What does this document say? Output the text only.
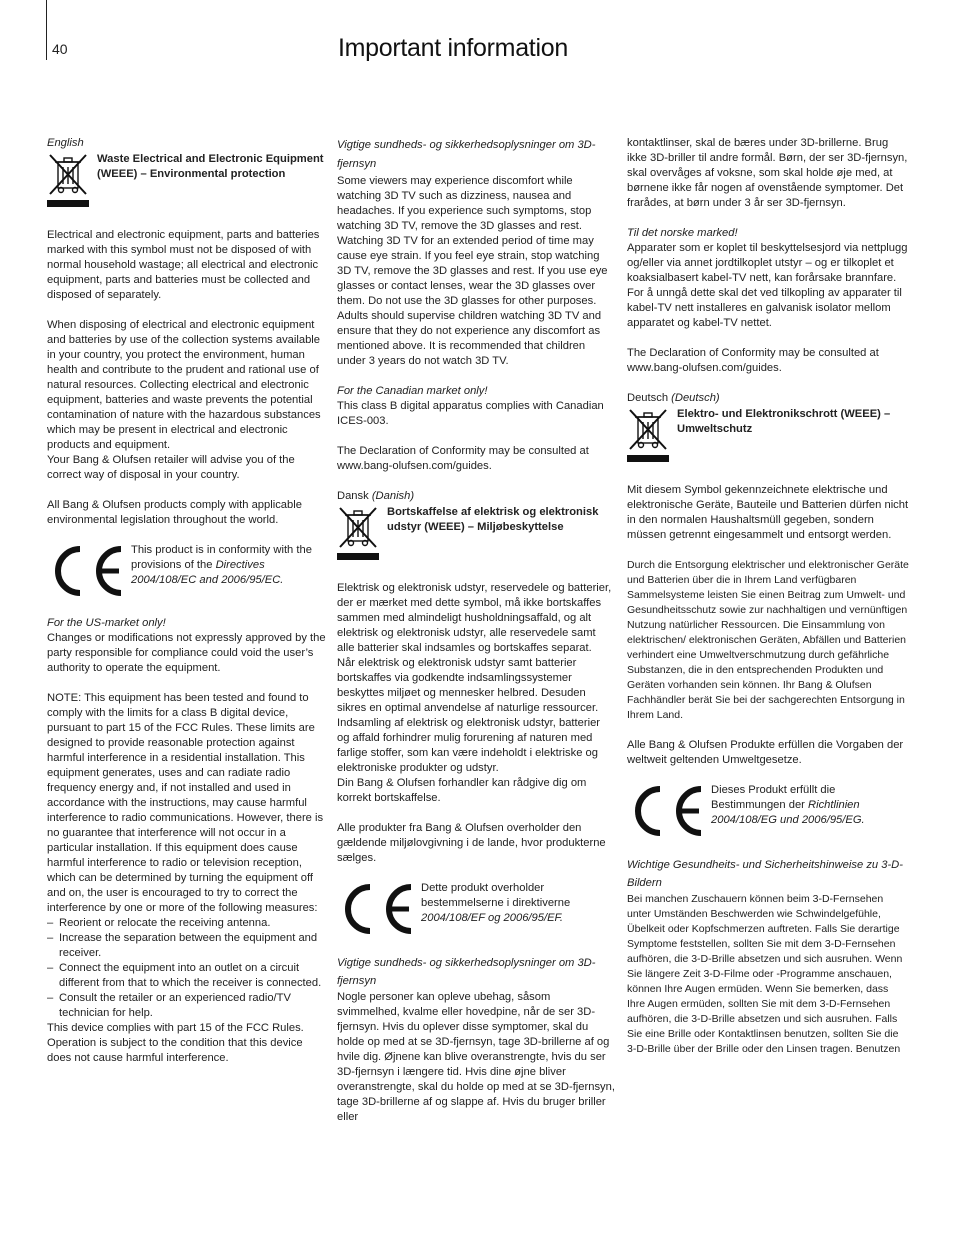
40	Important information

English

Waste Electrical and Electronic Equipment (WEEE) – Environmental protection

Electrical and electronic equipment, parts and batteries marked with this symbol must not be disposed of with normal household wastage; all electrical and electronic equipment, parts and batteries must be collected and disposed of separately.

When disposing of electrical and electronic equipment and batteries by use of the collection systems available in your country, you protect the environment, human health and contribute to the prudent and rational use of natural resources. Collecting electrical and electronic equipment, batteries and waste prevents the potential contamination of nature with the hazardous substances which may be present in electrical and electronic products and equipment.

Your Bang & Olufsen retailer will advise you of the correct way of disposal in your country.

All Bang & Olufsen products comply with applicable environmental legislation throughout the world.

This product is in conformity with the provisions of the Directives 2004/108/EC and 2006/95/EC.

For the US-market only!

Changes or modifications not expressly approved by the party responsible for compliance could void the user’s authority to operate the equipment.

NOTE: This equipment has been tested and found to comply with the limits for a class B digital device, pursuant to part 15 of the FCC Rules. These limits are designed to provide reasonable protection against harmful interference in a residential installation. This equipment generates, uses and can radiate radio frequency energy and, if not installed and used in accordance with the instructions, may cause harmful interference to radio communications. However, there is no guarantee that interference will not occur in a particular installation. If this equipment does cause harmful interference to radio or television reception, which can be determined by turning the equipment off and on, the user is encouraged to try to correct the interference by one or more of the following measures:

– Reorient or relocate the receiving antenna.
– Increase the separation between the equipment and receiver.
– Connect the equipment into an outlet on a circuit different from that to which the receiver is connected.
– Consult the retailer or an experienced radio/TV technician for help.

This device complies with part 15 of the FCC Rules. Operation is subject to the condition that this device does not cause harmful interference.

Vigtige sundheds- og sikkerhedsoplysninger om 3D-fjernsyn

Some viewers may experience discomfort while watching 3D TV such as dizziness, nausea and headaches. If you experience such symptoms, stop watching 3D TV, remove the 3D glasses and rest. Watching 3D TV for an extended period of time may cause eye strain. If you feel eye strain, stop watching 3D TV, remove the 3D glasses and rest. If you use eye glasses or contact lenses, wear the 3D glasses over them. Do not use the 3D glasses for other purposes. Adults should supervise children watching 3D TV and ensure that they do not experience any discomfort as mentioned above. It is recommended that children under 3 years do not watch 3D TV.

For the Canadian market only!

This class B digital apparatus complies with Canadian ICES-003.

The Declaration of Conformity may be consulted at www.bang-olufsen.com/guides.

Dansk (Danish)

Bortskaffelse af elektrisk og elektronisk udstyr (WEEE) – Miljøbeskyttelse

Elektrisk og elektronisk udstyr, reservedele og batterier, der er mærket med dette symbol, må ikke bortskaffes sammen med almindeligt husholdningsaffald, og alt elektrisk og elektronisk udstyr, alle reservedele samt alle batterier skal indsamles og bortskaffes separat.

Når elektrisk og elektronisk udstyr samt batterier bortskaffes via godkendte indsamlingssystemer beskyttes miljøet og mennesker helbred. Desuden sikres en optimal anvendelse af naturlige ressourcer. Indsamling af elektrisk og elektronisk udstyr, batterier og affald forhindrer mulig forurening af naturen med farlige stoffer, som kan være indeholdt i elektriske og elektroniske produkter og udstyr.

Din Bang & Olufsen forhandler kan rådgive dig om korrekt bortskaffelse.

Alle produkter fra Bang & Olufsen overholder den gældende miljølovgivning i de lande, hvor produkterne sælges.

Dette produkt overholder bestemmelserne i direktiverne 2004/108/EF og 2006/95/EF.

Vigtige sundheds- og sikkerhedsoplysninger om 3D-fjernsyn

Nogle personer kan opleve ubehag, såsom svimmelhed, kvalme eller hovedpine, når de ser 3D-fjernsyn. Hvis du oplever disse symptomer, skal du holde op med at se 3D-fjernsyn, tage 3D-brillerne af og hvile dig. Øjnene kan blive overanstrengte, hvis du ser 3D-fjernsyn i længere tid. Hvis dine øjne bliver overanstrengte, skal du holde op med at se 3D-fjernsyn, tage 3D-brillerne af og slappe af. Hvis du bruger briller eller

kontaktlinser, skal de bæres under 3D-brillerne. Brug ikke 3D-briller til andre formål. Børn, der ser 3D-fjernsyn, skal overvåges af voksne, som skal holde øje med, at børnene ikke får nogen af ovenstående symptomer. Det frarådes, at børn under 3 år ser 3D-fjernsyn.

Til det norske marked!

Apparater som er koplet til beskyttelsesjord via nettplugg og/eller via annet jordtilkoplet utstyr – og er tilkoplet et koaksialbasert kabel-TV nett, kan forårsake brannfare. For å unngå dette skal det ved tilkopling av apparater til kabel-TV nett installeres en galvanisk isolator mellom apparatet og kabel-TV nettet.

The Declaration of Conformity may be consulted at www.bang-olufsen.com/guides.

Deutsch (Deutsch)

Elektro- und Elektronikschrott (WEEE) – Umweltschutz

Mit diesem Symbol gekennzeichnete elektrische und elektronische Geräte, Bauteile und Batterien dürfen nicht in den normalen Haushaltsmüll gegeben, sondern müssen getrennt eingesammelt und entsorgt werden.

Durch die Entsorgung elektrischer und elektronischer Geräte und Batterien über die in Ihrem Land verfügbaren Sammelsysteme leisten Sie einen Beitrag zum Umwelt- und Gesundheitsschutz sowie zur nachhaltigen und vernünftigen Nutzung natürlicher Ressourcen. Die Einsammlung von elektrischen/ elektronischen Geräten, Abfällen und Batterien verhindert eine Umweltverschmutzung durch gefährliche Substanzen, die in den entsprechenden Produkten und Geräten vorhanden sein können. Ihr Bang & Olufsen Fachhändler berät Sie bei der sachgerechten Entsorgung in Ihrem Land.

Alle Bang & Olufsen Produkte erfüllen die Vorgaben der weltweit geltenden Umweltgesetze.

Dieses Produkt erfüllt die Bestimmungen der Richtlinien 2004/108/EG und 2006/95/EG.

Wichtige Gesundheits- und Sicherheitshinweise zu 3-D-Bildern

Bei manchen Zuschauern können beim 3-D-Fernsehen unter Umständen Beschwerden wie Schwindelgefühle, Übelkeit oder Kopfschmerzen auftreten. Falls Sie derartige Symptome feststellen, sollten Sie mit dem 3-D-Fernsehen aufhören, die 3-D-Brille absetzen und sich ausruhen. Wenn Sie längere Zeit 3-D-Filme oder -Programme anschauen, können Ihre Augen ermüden. Wenn Sie bemerken, dass Ihre Augen ermüden, sollten Sie mit dem 3-D-Fernsehen aufhören, die 3-D-Brille absetzen und sich ausruhen. Falls Sie eine Brille oder Kontaktlinsen benutzen, sollten Sie die 3-D-Brille über der Brille oder den Linsen tragen. Benutzen
